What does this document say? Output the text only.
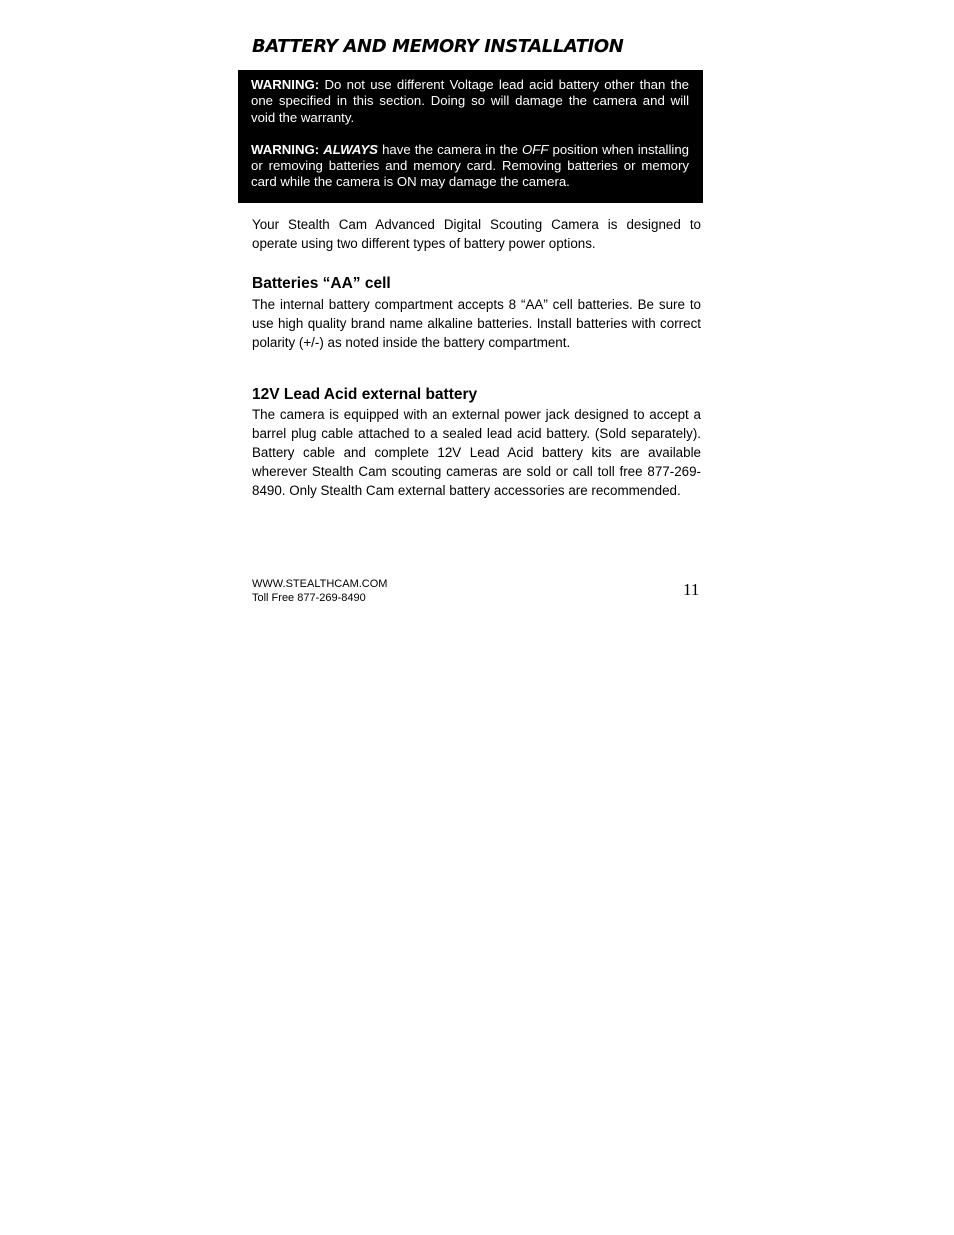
BATTERY AND MEMORY INSTALLATION

WARNING: Do not use different Voltage lead acid battery other than the one specified in this section. Doing so will damage the camera and will void the warranty.

WARNING: ALWAYS have the camera in the OFF position when installing or removing batteries and memory card. Removing batteries or memory card while the camera is ON may damage the camera.

Your Stealth Cam Advanced Digital Scouting Camera is designed to operate using two different types of battery power options.

Batteries “AA” cell

The internal battery compartment accepts 8 “AA” cell batteries. Be sure to use high quality brand name alkaline batteries. Install batteries with correct polarity (+/-) as noted inside the battery compartment.

12V Lead Acid external battery

The camera is equipped with an external power jack designed to accept a barrel plug cable attached to a sealed lead acid battery. (Sold separately). Battery cable and complete 12V Lead Acid battery kits are available wherever Stealth Cam scouting cameras are sold or call toll free 877-269-8490. Only Stealth Cam external battery accessories are recommended.

WWW.STEALTHCAM.COM
Toll Free 877-269-8490	11
